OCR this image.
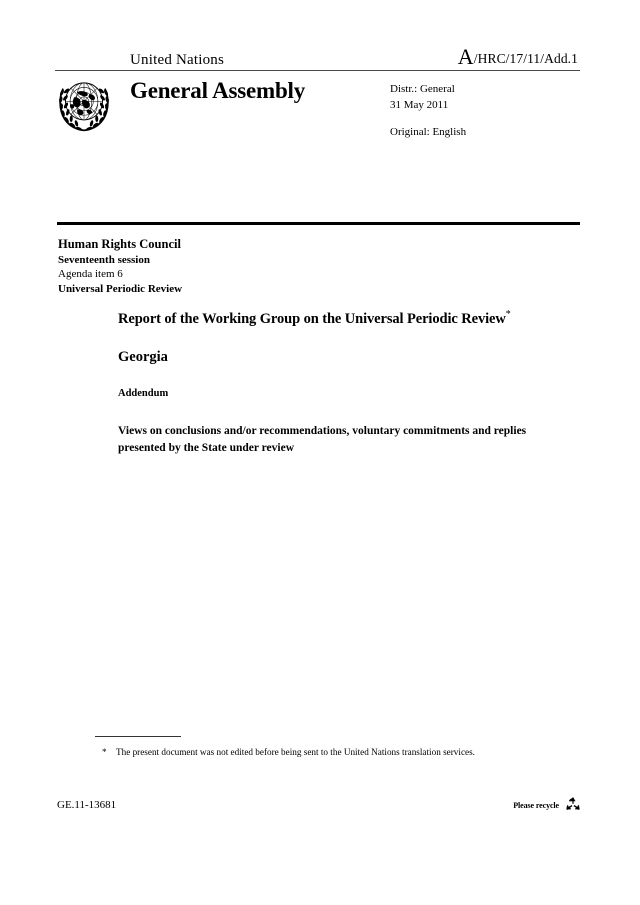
United Nations	A/HRC/17/11/Add.1
General Assembly	Distr.: General
31 May 2011
Original: English
Human Rights Council
Seventeenth session
Agenda item 6
Universal Periodic Review
Report of the Working Group on the Universal Periodic Review*
Georgia
Addendum
Views on conclusions and/or recommendations, voluntary commitments and replies presented by the State under review
*	The present document was not edited before being sent to the United Nations translation services.
GE.11-13681	Please recycle
